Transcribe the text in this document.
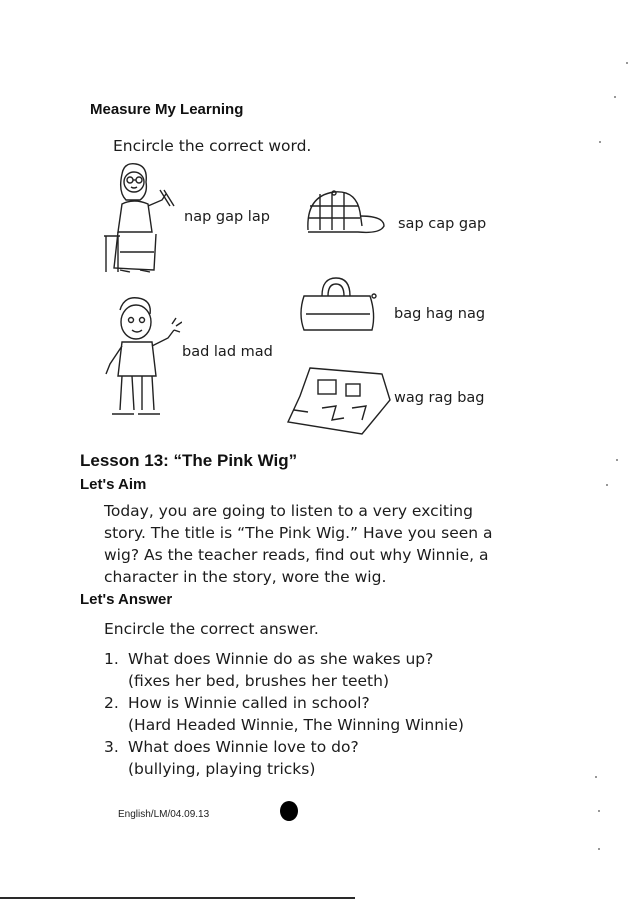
Measure My Learning
Encircle the correct word.
nap gap lap	sap cap gap
bag hag nag
bad lad mad
wag rag bag
Lesson 13: “The Pink Wig”
Let's Aim
Today, you are going to listen to a very exciting
story. The title is “The Pink Wig.” Have you seen a
wig? As the teacher reads, find out why Winnie, a
character in the story, wore the wig.
Let's Answer
Encircle the correct answer.
1. What does Winnie do as she wakes up?
(fixes her bed, brushes her teeth)
2. How is Winnie called in school?
(Hard Headed Winnie, The Winning Winnie)
3. What does Winnie love to do?
(bullying, playing tricks)
English/LM/04.09.13
